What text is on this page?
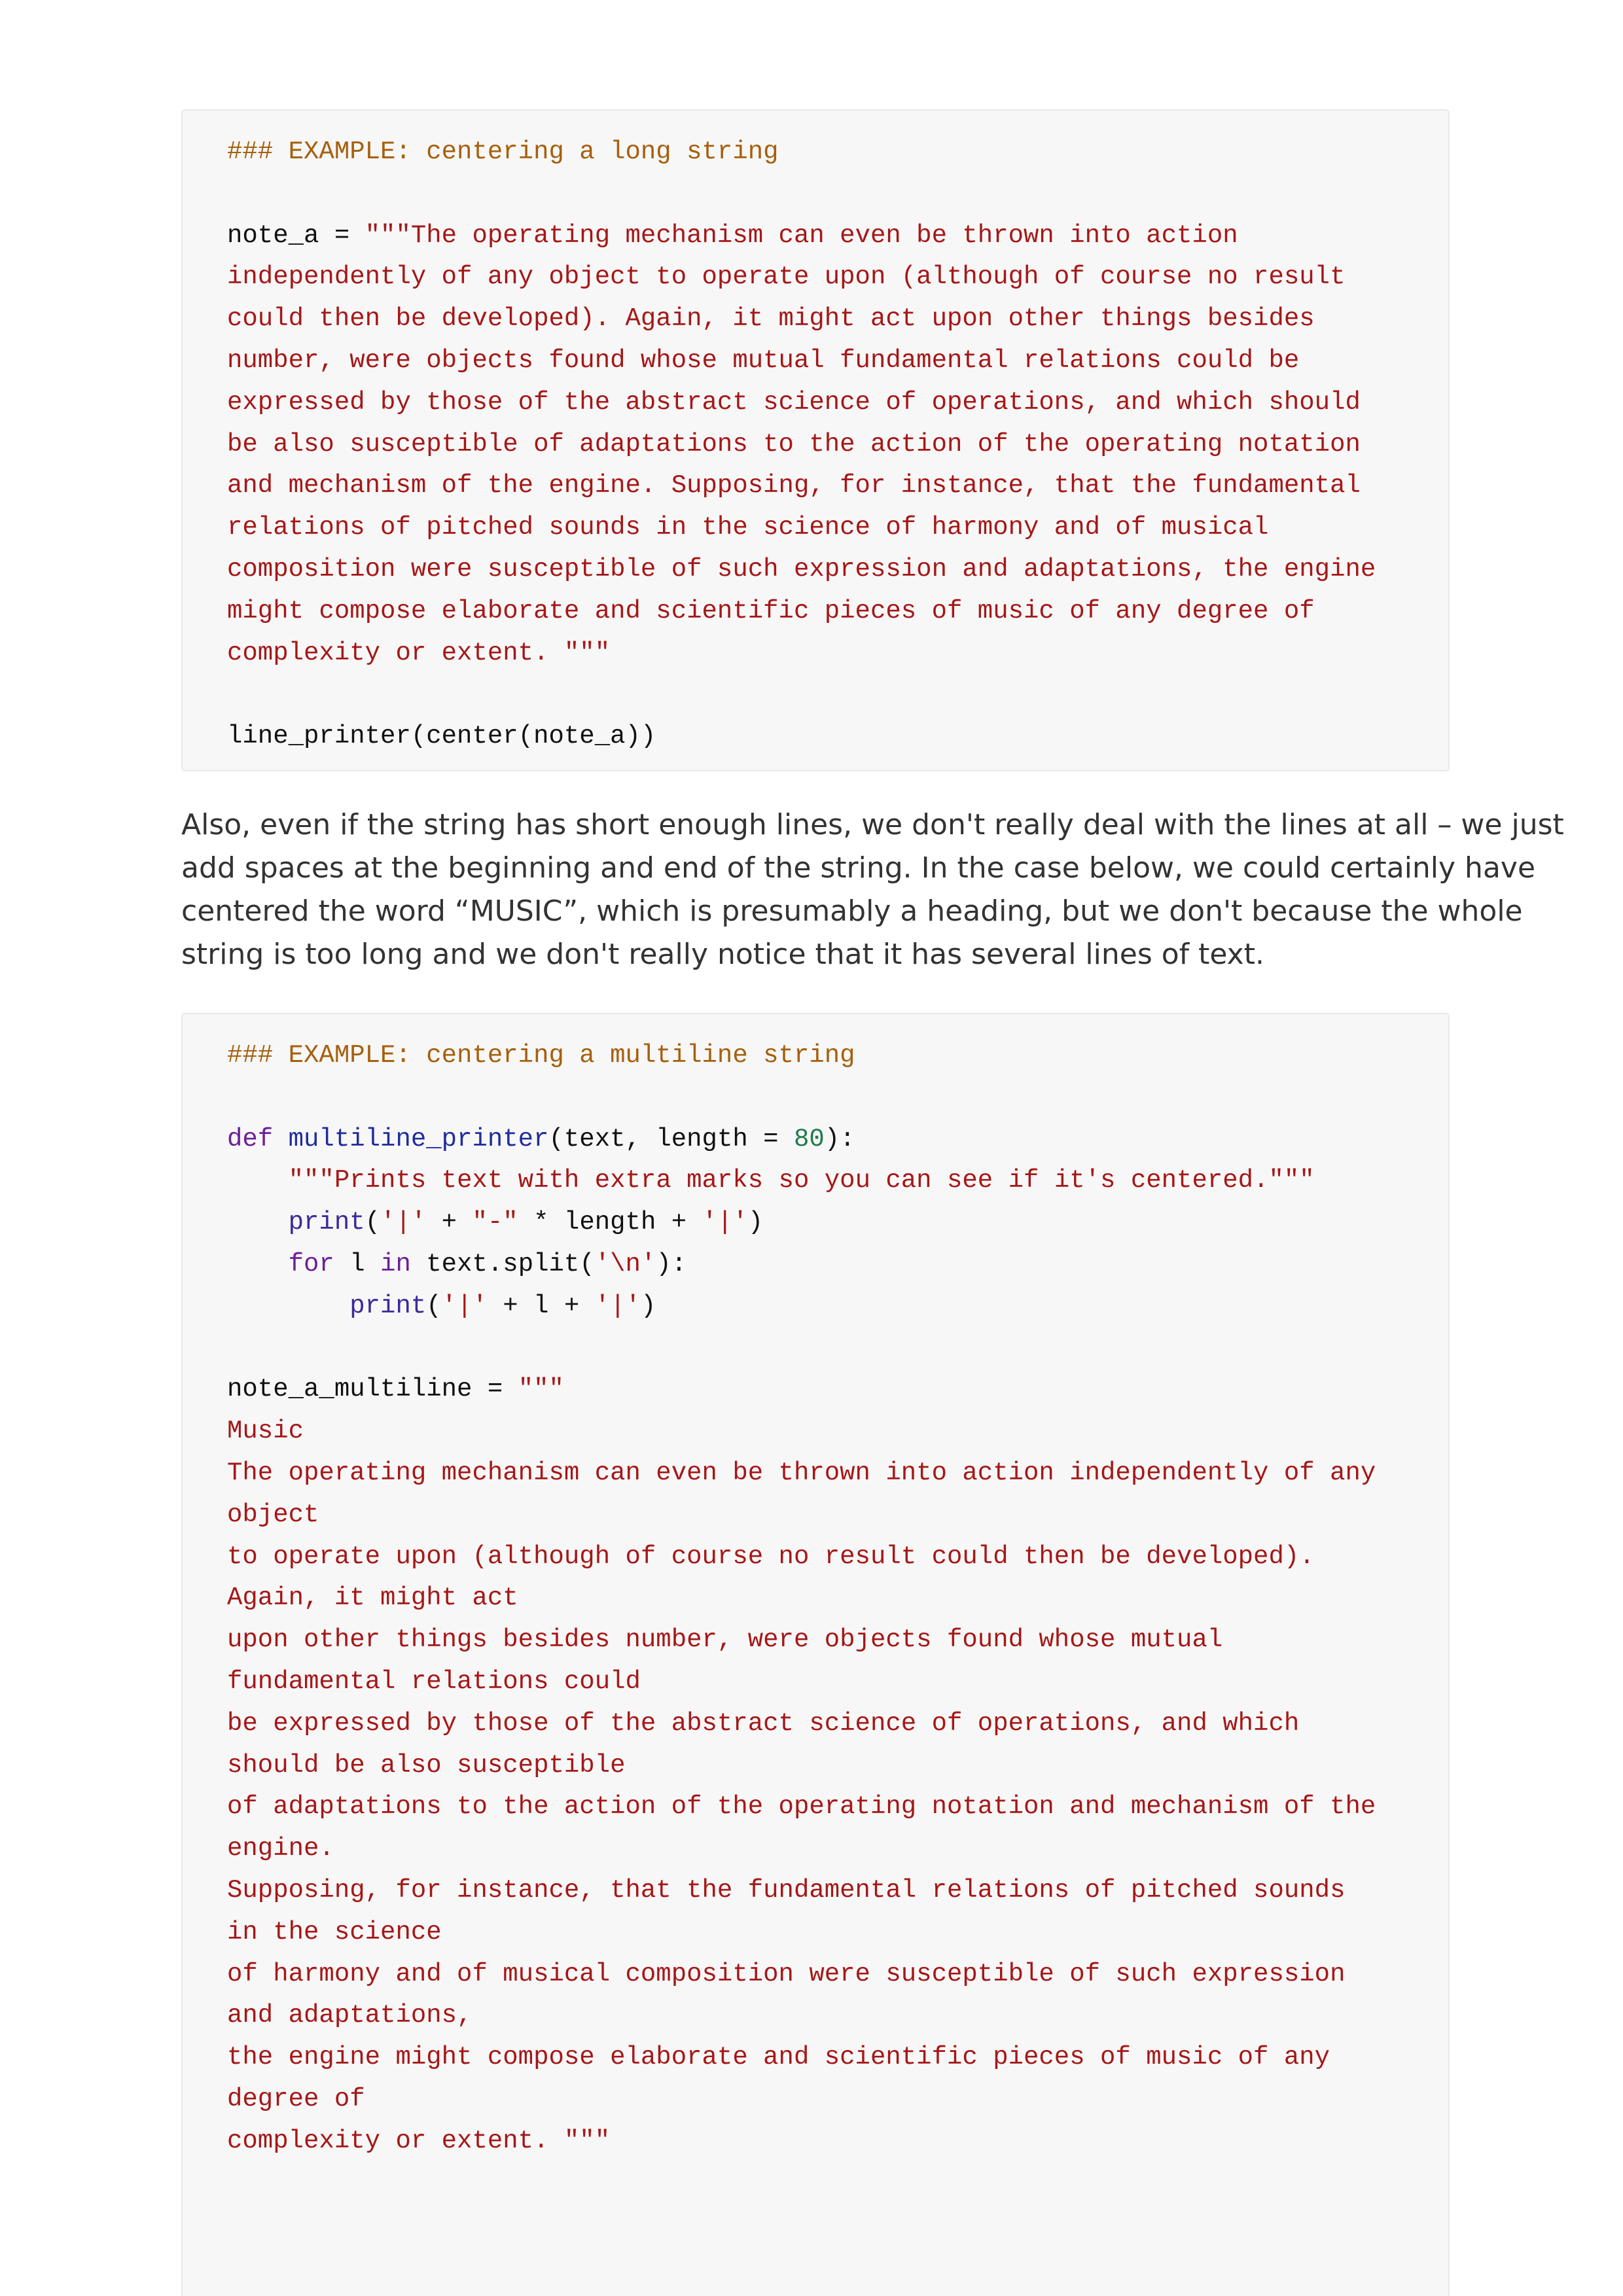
### EXAMPLE: centering a long string
note_a = """The operating mechanism can even be thrown into action
independently of any object to operate upon (although of course no result
could then be developed). Again, it might act upon other things besides
number, were objects found whose mutual fundamental relations could be
expressed by those of the abstract science of operations, and which should
be also susceptible of adaptations to the action of the operating notation
and mechanism of the engine. Supposing, for instance, that the fundamental
relations of pitched sounds in the science of harmony and of musical
composition were susceptible of such expression and adaptations, the engine
might compose elaborate and scientific pieces of music of any degree of
complexity or extent. """
line_printer(center(note_a))

Also, even if the string has short enough lines, we don't really deal with the lines at all – we just

add spaces at the beginning and end of the string. In the case below, we could certainly have

centered the word “MUSIC”, which is presumably a heading, but we don't because the whole

string is too long and we don't really notice that it has several lines of text.

### EXAMPLE: centering a multiline string
def multiline_printer(text, length = 80):
"""Prints text with extra marks so you can see if it's centered."""
print('|' + "-" * length + '|')
for l in text.split('\n'):
print('|' + l + '|')
note_a_multiline = """
Music
The operating mechanism can even be thrown into action independently of any
object
to operate upon (although of course no result could then be developed).
Again, it might act
upon other things besides number, were objects found whose mutual
fundamental relations could
be expressed by those of the abstract science of operations, and which
should be also susceptible
of adaptations to the action of the operating notation and mechanism of the
engine.
Supposing, for instance, that the fundamental relations of pitched sounds
in the science
of harmony and of musical composition were susceptible of such expression
and adaptations,
the engine might compose elaborate and scientific pieces of music of any
degree of
complexity or extent. """
